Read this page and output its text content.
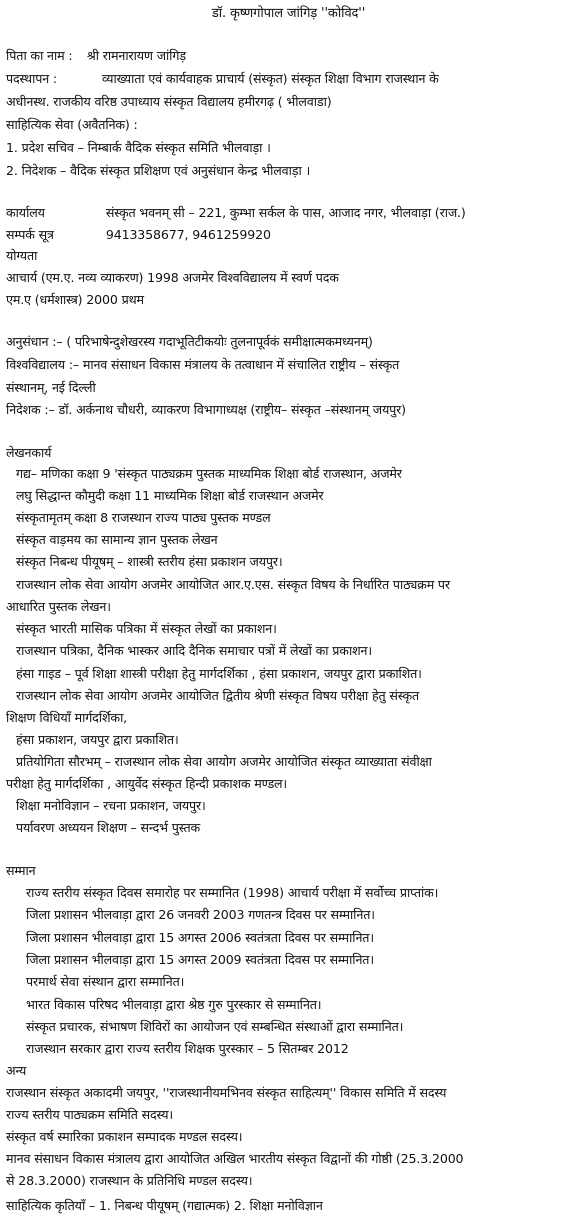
डॉ. कृष्णगोपाल जांगिड़ ''कोविद''
पिता का नाम : श्री रामनारायण जांगिड़
पदस्थापन :	व्याख्याता एवं कार्यवाहक प्राचार्य (संस्कृत) संस्कृत शिक्षा विभाग राजस्थान के
अधीनस्थ. राजकीय वरिष्ठ उपाध्याय संस्कृत विद्यालय हमीरगढ़ ( भीलवाडा)
साहित्यिक सेवा (अवैतनिक) :
1. प्रदेश सचिव – निम्बार्क वैदिक संस्कृत समिति भीलवाड़ा ।
2. निदेशक – वैदिक संस्कृत प्रशिक्षण एवं अनुसंधान केन्द्र भीलवाड़ा ।
कार्यालय	संस्कृत भवनम् सी – 221, कुम्भा सर्कल के पास, आजाद नगर, भीलवाड़ा (राज.)
सम्पर्क सूत्र	9413358677, 9461259920
योग्यता
आचार्य (एम.ए. नव्य व्याकरण) 1998 अजमेर विश्वविद्यालय में स्वर्ण पदक
एम.ए (धर्मशास्त्र) 2000 प्रथम
अनुसंधान :– ( परिभाषेन्दुशेखरस्य गदाभूतिटीकयोः तुलनापूर्वकं समीक्षात्मकमध्यनम्)
विश्वविद्यालय :– मानव संसाधन विकास मंत्रालय के तत्वाधान में संचालित राष्ट्रीय – संस्कृत
संस्थानम्, नई दिल्ली
निदेशक :– डॉ. अर्कनाथ चौधरी, व्याकरण विभागाध्यक्ष (राष्ट्रीय– संस्कृत –संस्थानम् जयपुर)
लेखनकार्य
गद्य– मणिका कक्षा 9 'संस्कृत पाठ्यक्रम पुस्तक माध्यमिक शिक्षा बोर्ड राजस्थान, अजमेर
लघु सिद्धान्त कौमुदी कक्षा 11 माध्यमिक शिक्षा बोर्ड राजस्थान अजमेर
संस्कृतामृतम् कक्षा 8 राजस्थान राज्य पाठ्य पुस्तक मण्डल
संस्कृत वाड़मय का सामान्य ज्ञान पुस्तक लेखन
संस्कृत निबन्ध पीयूषम् – शास्त्री स्तरीय हंसा प्रकाशन जयपुर।
राजस्थान लोक सेवा आयोग अजमेर आयोजित आर.ए.एस. संस्कृत विषय के निर्धारित पाठ्यक्रम पर
आधारित पुस्तक लेखन।
संस्कृत भारती मासिक पत्रिका में संस्कृत लेखों का प्रकाशन।
राजस्थान पत्रिका, दैनिक भास्कर आदि दैनिक समाचार पत्रों में लेखों का प्रकाशन।
हंसा गाइड – पूर्व शिक्षा शास्त्री परीक्षा हेतु मार्गदर्शिका , हंसा प्रकाशन, जयपुर द्वारा प्रकाशित।
राजस्थान लोक सेवा आयोग अजमेर आयोजित द्वितीय श्रेणी संस्कृत विषय परीक्षा हेतु संस्कृत
शिक्षण विधियाँ मार्गदर्शिका,
हंसा प्रकाशन, जयपुर द्वारा प्रकाशित।
प्रतियोगिता सौरभम् – राजस्थान लोक सेवा आयोग अजमेर आयोजित संस्कृत व्याख्याता संवीक्षा
परीक्षा हेतु मार्गदर्शिका , आयुर्वेद संस्कृत हिन्दी प्रकाशक मण्डल।
शिक्षा मनोविज्ञान – रचना प्रकाशन, जयपुर।
पर्यावरण अध्ययन शिक्षण – सन्दर्भ पुस्तक
सम्मान
राज्य स्तरीय संस्कृत दिवस समारोह पर सम्मानित (1998) आचार्य परीक्षा में सर्वोच्च प्राप्तांक।
जिला प्रशासन भीलवाड़ा द्वारा 26 जनवरी 2003 गणतन्त्र दिवस पर सम्मानित।
जिला प्रशासन भीलवाड़ा द्वारा 15 अगस्त 2006 स्वतंत्रता दिवस पर सम्मानित।
जिला प्रशासन भीलवाड़ा द्वारा 15 अगस्त 2009 स्वतंत्रता दिवस पर सम्मानित।
परमार्थ सेवा संस्थान द्वारा सम्मानित।
भारत विकास परिषद भीलवाड़ा द्वारा श्रेष्ठ गुरु पुरस्कार से सम्मानित।
संस्कृत प्रचारक, संभाषण शिविरों का आयोजन एवं सम्बन्धित संस्थाओं द्वारा सम्मानित।
राजस्थान सरकार द्वारा राज्य स्तरीय शिक्षक पुरस्कार – 5 सितम्बर 2012
अन्य
राजस्थान संस्कृत अकादमी जयपुर, ''राजस्थानीयमभिनव संस्कृत साहित्यम्'' विकास समिति में सदस्य
राज्य स्तरीय पाठ्यक्रम समिति सदस्य।
संस्कृत वर्ष स्मारिका प्रकाशन सम्पादक मण्डल सदस्य।
मानव संसाधन विकास मंत्रालय द्वारा आयोजित अखिल भारतीय संस्कृत विद्वानों की गोष्ठी (25.3.2000
से 28.3.2000) राजस्थान के प्रतिनिधि मण्डल सदस्य।
साहित्यिक कृतियाँ – 1. निबन्ध पीयूषम् (गद्यात्मक) 2. शिक्षा मनोविज्ञान
